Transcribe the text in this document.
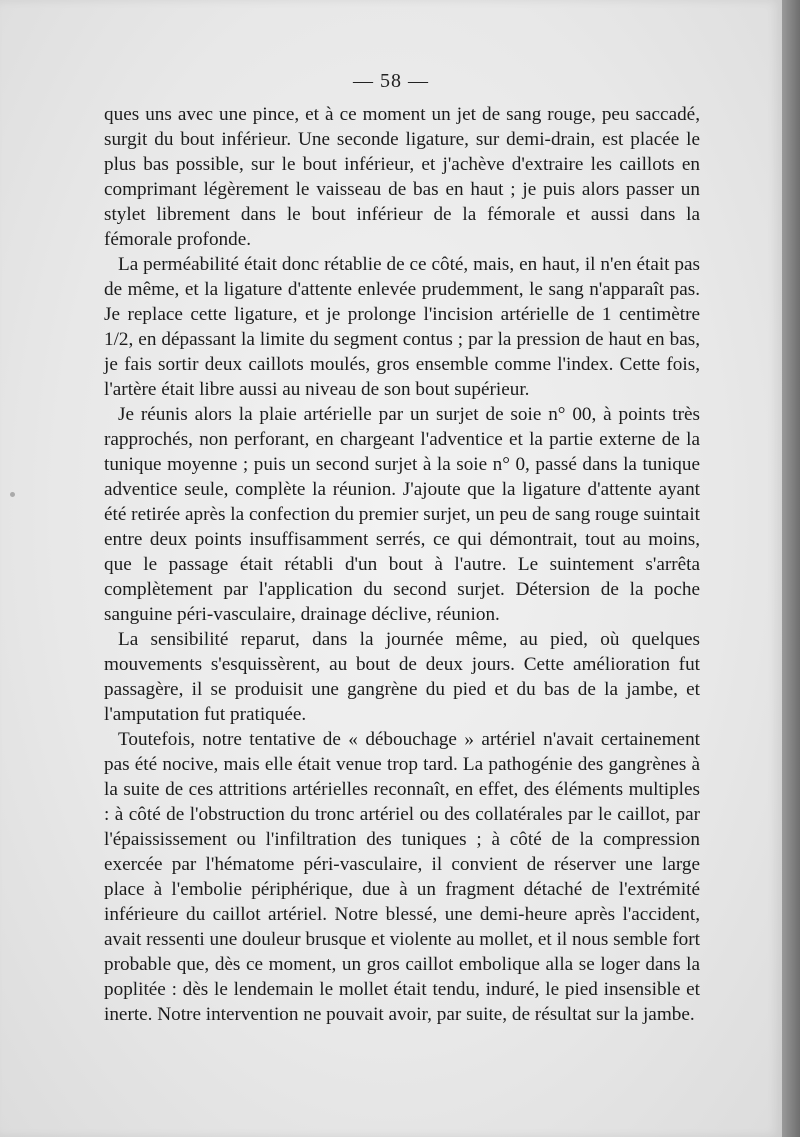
— 58 —

ques uns avec une pince, et à ce moment un jet de sang rouge, peu saccadé, surgit du bout inférieur. Une seconde ligature, sur demi-drain, est placée le plus bas possible, sur le bout inférieur, et j'achève d'extraire les caillots en comprimant légèrement le vaisseau de bas en haut ; je puis alors passer un stylet librement dans le bout inférieur de la fémorale et aussi dans la fémorale profonde.

La perméabilité était donc rétablie de ce côté, mais, en haut, il n'en était pas de même, et la ligature d'attente enlevée prudemment, le sang n'apparaît pas. Je replace cette ligature, et je prolonge l'incision artérielle de 1 centimètre 1/2, en dépassant la limite du segment contus ; par la pression de haut en bas, je fais sortir deux caillots moulés, gros ensemble comme l'index. Cette fois, l'artère était libre aussi au niveau de son bout supérieur.

Je réunis alors la plaie artérielle par un surjet de soie n° 00, à points très rapprochés, non perforant, en chargeant l'adventice et la partie externe de la tunique moyenne ; puis un second surjet à la soie n° 0, passé dans la tunique adventice seule, complète la réunion. J'ajoute que la ligature d'attente ayant été retirée après la confection du premier surjet, un peu de sang rouge suintait entre deux points insuffisamment serrés, ce qui démontrait, tout au moins, que le passage était rétabli d'un bout à l'autre. Le suintement s'arrêta complètement par l'application du second surjet. Détersion de la poche sanguine péri-vasculaire, drainage déclive, réunion.

La sensibilité reparut, dans la journée même, au pied, où quelques mouvements s'esquissèrent, au bout de deux jours. Cette amélioration fut passagère, il se produisit une gangrène du pied et du bas de la jambe, et l'amputation fut pratiquée.

Toutefois, notre tentative de « débouchage » artériel n'avait certainement pas été nocive, mais elle était venue trop tard. La pathogénie des gangrènes à la suite de ces attritions artérielles reconnaît, en effet, des éléments multiples : à côté de l'obstruction du tronc artériel ou des collatérales par le caillot, par l'épaississement ou l'infiltration des tuniques ; à côté de la compression exercée par l'hématome péri-vasculaire, il convient de réserver une large place à l'embolie périphérique, due à un fragment détaché de l'extrémité inférieure du caillot artériel. Notre blessé, une demi-heure après l'accident, avait ressenti une douleur brusque et violente au mollet, et il nous semble fort probable que, dès ce moment, un gros caillot embolique alla se loger dans la poplitée : dès le lendemain le mollet était tendu, induré, le pied insensible et inerte. Notre intervention ne pouvait avoir, par suite, de résultat sur la jambe.
